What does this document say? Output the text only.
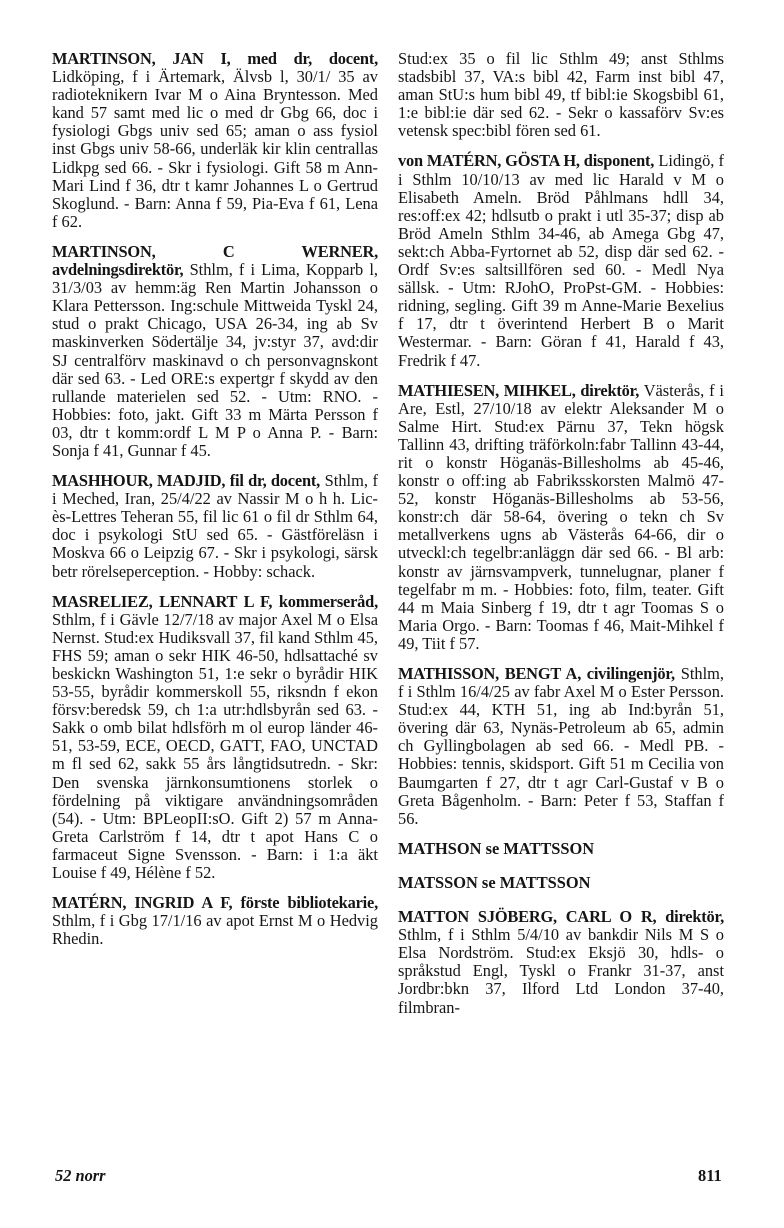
MARTINSON, JAN I, med dr, docent, Lidköping, f i Ärtemark, Älvsb l, 30/1/ 35 av radioteknikern Ivar M o Aina Bryntesson. Med kand 57 samt med lic o med dr Gbg 66, doc i fysiologi Gbgs univ sed 65; aman o ass fysiol inst Gbgs univ 58-66, underläk kir klin centrallas Lidkpg sed 66. - Skr i fysiologi. Gift 58 m Ann-Mari Lind f 36, dtr t kamr Johannes L o Gertrud Skoglund. - Barn: Anna f 59, Pia-Eva f 61, Lena f 62.

MARTINSON, C WERNER, avdelningsdirektör, Sthlm, f i Lima, Kopparb l, 31/3/03 av hemm:äg Ren Martin Johansson o Klara Pettersson. Ing:schule Mittweida Tyskl 24, stud o prakt Chicago, USA 26-34, ing ab Sv maskinverken Södertälje 34, jv:styr 37, avd:dir SJ centralförv maskinavd o ch personvagnskont där sed 63. - Led ORE:s expertgr f skydd av den rullande materielen sed 52. - Utm: RNO. - Hobbies: foto, jakt. Gift 33 m Märta Persson f 03, dtr t komm:ordf L M P o Anna P. - Barn: Sonja f 41, Gunnar f 45.

MASHHOUR, MADJID, fil dr, docent, Sthlm, f i Meched, Iran, 25/4/22 av Nassir M o h h. Lic-ès-Lettres Teheran 55, fil lic 61 o fil dr Sthlm 64, doc i psykologi StU sed 65. - Gästföreläsn i Moskva 66 o Leipzig 67. - Skr i psykologi, särsk betr rörelseperception. - Hobby: schack.

MASRELIEZ, LENNART L F, kommerseråd, Sthlm, f i Gävle 12/7/18 av major Axel M o Elsa Nernst. Stud:ex Hudiksvall 37, fil kand Sthlm 45, FHS 59; aman o sekr HIK 46-50, hdlsattaché sv beskickn Washington 51, 1:e sekr o byrådir HIK 53-55, byrådir kommerskoll 55, riksndn f ekon försv:beredsk 59, ch 1:a utr:hdlsbyrån sed 63. - Sakk o omb bilat hdlsförh m ol europ länder 46-51, 53-59, ECE, OECD, GATT, FAO, UNCTAD m fl sed 62, sakk 55 års långtidsutredn. - Skr: Den svenska järnkonsumtionens storlek o fördelning på viktigare användningsområden (54). - Utm: BPLeopII:sO. Gift 2) 57 m Anna-Greta Carlström f 14, dtr t apot Hans C o farmaceut Signe Svensson. - Barn: i 1:a äkt Louise f 49, Hélène f 52.

MATÉRN, INGRID A F, förste bibliotekarie, Sthlm, f i Gbg 17/1/16 av apot Ernst M o Hedvig Rhedin.

Stud:ex 35 o fil lic Sthlm 49; anst Sthlms stadsbibl 37, VA:s bibl 42, Farm inst bibl 47, aman StU:s hum bibl 49, tf bibl:ie Skogsbibl 61, 1:e bibl:ie där sed 62. - Sekr o kassaförv Sv:es vetensk spec:bibl fören sed 61.

von MATÉRN, GÖSTA H, disponent, Lidingö, f i Sthlm 10/10/13 av med lic Harald v M o Elisabeth Ameln. Bröd Påhlmans hdll 34, res:off:ex 42; hdlsutb o prakt i utl 35-37; disp ab Bröd Ameln Sthlm 34-46, ab Amega Gbg 47, sekt:ch Abba-Fyrtornet ab 52, disp där sed 62. - Ordf Sv:es saltsillfören sed 60. - Medl Nya sällsk. - Utm: RJohO, ProPst-GM. - Hobbies: ridning, segling. Gift 39 m Anne-Marie Bexelius f 17, dtr t överintend Herbert B o Marit Westermar. - Barn: Göran f 41, Harald f 43, Fredrik f 47.

MATHIESEN, MIHKEL, direktör, Västerås, f i Are, Estl, 27/10/18 av elektr Aleksander M o Salme Hirt. Stud:ex Pärnu 37, Tekn högsk Tallinn 43, drifting träförkoln:fabr Tallinn 43-44, rit o konstr Höganäs-Billesholms ab 45-46, konstr o off:ing ab Fabriksskorsten Malmö 47-52, konstr Höganäs-Billesholms ab 53-56, konstr:ch där 58-64, övering o tekn ch Sv metallverkens ugns ab Västerås 64-66, dir o utveckl:ch tegelbr:anläggn där sed 66. - Bl arb: konstr av järnsvampverk, tunnelugnar, planer f tegelfabr m m. - Hobbies: foto, film, teater. Gift 44 m Maia Sinberg f 19, dtr t agr Toomas S o Maria Orgo. - Barn: Toomas f 46, Mait-Mihkel f 49, Tiit f 57.

MATHISSON, BENGT A, civilingenjör, Sthlm, f i Sthlm 16/4/25 av fabr Axel M o Ester Persson. Stud:ex 44, KTH 51, ing ab Ind:byrån 51, övering där 63, Nynäs-Petroleum ab 65, admin ch Gyllingbolagen ab sed 66. - Medl PB. - Hobbies: tennis, skidsport. Gift 51 m Cecilia von Baumgarten f 27, dtr t agr Carl-Gustaf v B o Greta Bågenholm. - Barn: Peter f 53, Staffan f 56.

MATHSON se MATTSSON
MATSSON se MATTSSON

MATTON SJÖBERG, CARL O R, direktör, Sthlm, f i Sthlm 5/4/10 av bankdir Nils M S o Elsa Nordström. Stud:ex Eksjö 30, hdls- o språkstud Engl, Tyskl o Frankr 31-37, anst Jordbr:bkn 37, Ilford Ltd London 37-40, filmbran-

52 norr	811
